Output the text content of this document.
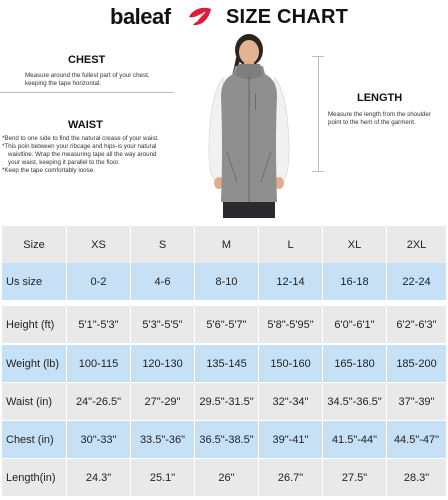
baleaf	SIZE CHART
CHEST
Measure around the fullest part of your chest,
keeping the tape horizontal.
WAIST
*Bend to one side to find the natural crease of your waist.
*This poin between your ribcage and hips-is your natural
waistline. Wrap the measuring tape all the way around
your waist, keeping it parallel to the floor.
*Keep the tape comfortably loose.
LENGTH
Measure the length from the shoulder
point to the hem of the garment.
Size	XS	S	M	L	XL	2XL
Us size	0-2	4-6	8-10	12-14	16-18	22-24
Height (ft)	5'1"-5'3"	5'3"-5'5"	5'6"-5'7"	5'8"-5'95"	6'0"-6'1"	6'2"-6'3"
Weight (lb)	100-115	120-130	135-145	150-160	165-180	185-200
Waist (in)	24"-26.5"	27"-29"	29.5"-31.5"	32"-34"	34.5"-36.5"	37"-39"
Chest (in)	30"-33"	33.5"-36"	36.5"-38.5"	39"-41"	41.5"-44"	44.5"-47"
Length(in)	24.3"	25.1"	26"	26.7"	27.5"	28.3"
